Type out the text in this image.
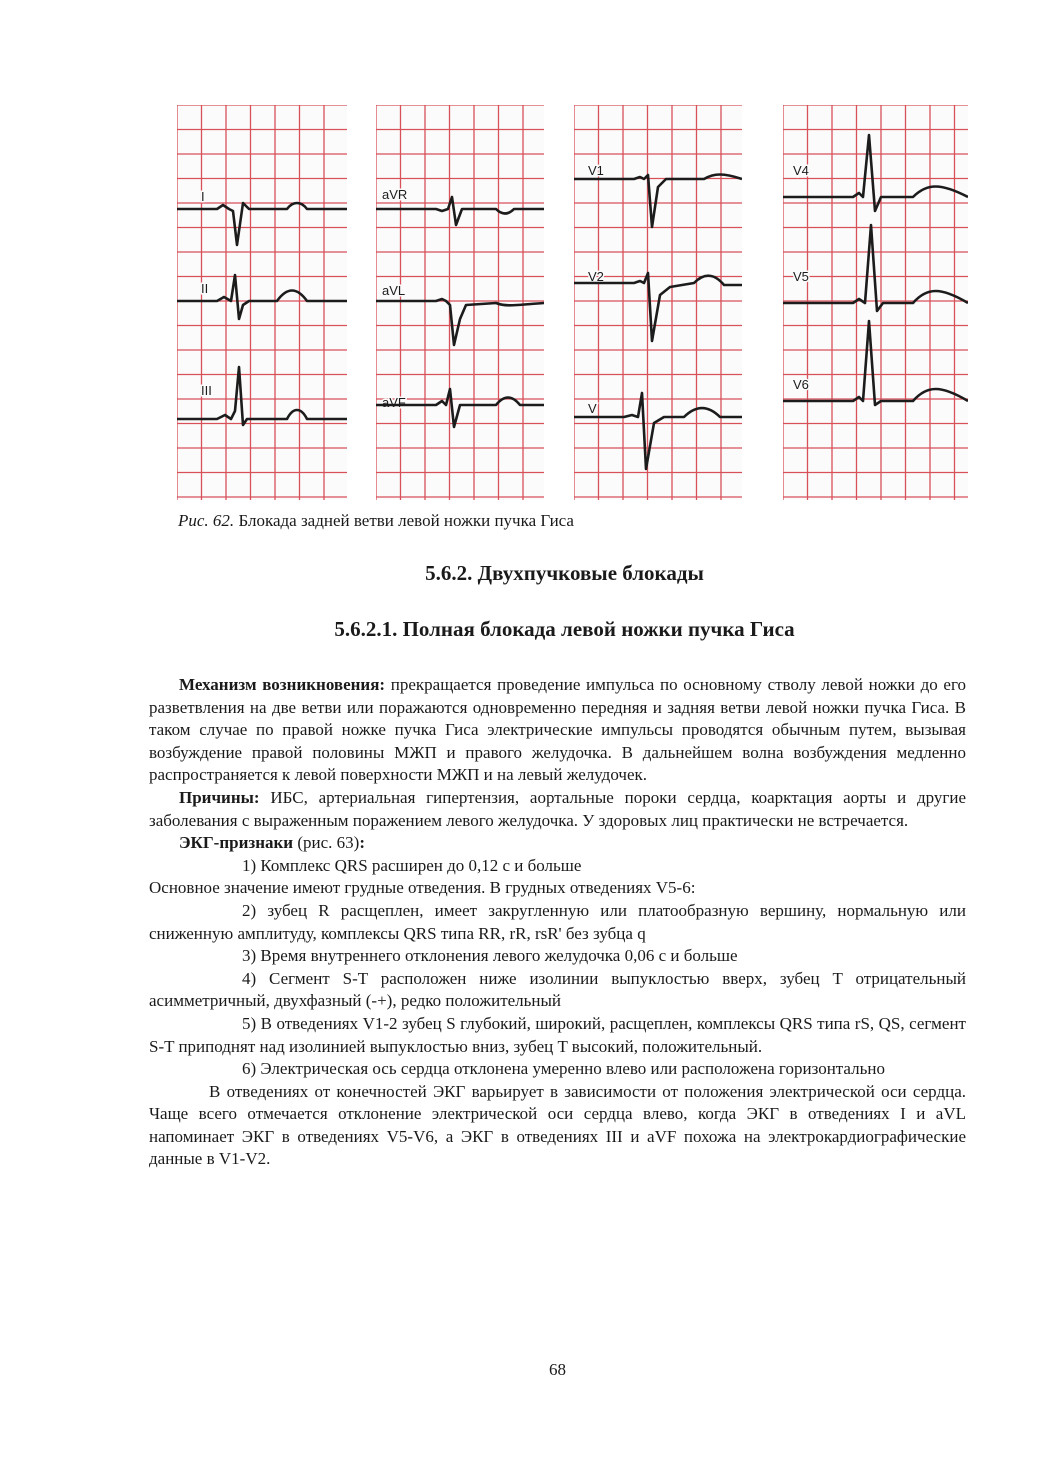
I
II
III
aVR
aVL
aVF
V1
V2
V
V4
V5
V6
Рис. 62. Блокада задней ветви левой ножки пучка Гиса
5.6.2. Двухпучковые блокады
5.6.2.1. Полная блокада левой ножки пучка Гиса

Механизм возникновения: прекращается проведение импульса по основному стволу левой ножки до его разветвления на две ветви или поражаются одновременно передняя и задняя ветви левой ножки пучка Гиса. В таком случае по правой ножке пучка Гиса электрические импульсы проводятся обычным путем, вызывая возбуждение правой половины МЖП и правого желудочка. В дальнейшем волна возбуждения медленно распространяется к левой поверхности МЖП и на левый желудочек.

Причины: ИБС, артериальная гипертензия, аортальные пороки сердца, коарктация аорты и другие заболевания с выраженным поражением левого желудочка. У здоровых лиц практически не встречается.

ЭКГ-признаки (рис. 63):

1) Комплекс QRS расширен до 0,12 с и больше

Основное значение имеют грудные отведения. В грудных отведениях V5-6:

2) зубец R расщеплен, имеет закругленную или платообразную вершину, нормальную или сниженную амплитуду, комплексы QRS типа RR, rR, rsR' без зубца q

3) Время внутреннего отклонения левого желудочка 0,06 с и больше

4) Сегмент S-T расположен ниже изолинии выпуклостью вверх, зубец T отрицательный асимметричный, двухфазный (-+), редко положительный

5) В отведениях V1-2 зубец S глубокий, широкий, расщеплен, комплексы QRS типа rS, QS, сегмент S-T приподнят над изолинией выпуклостью вниз, зубец T высокий, положительный.

6) Электрическая ось сердца отклонена умеренно влево или расположена горизонтально

В отведениях от конечностей ЭКГ варьирует в зависимости от положения электрической оси сердца. Чаще всего отмечается отклонение электрической оси сердца влево, когда ЭКГ в отведениях I и aVL напоминает ЭКГ в отведениях V5-V6, а ЭКГ в отведениях III и aVF похожа на электрокардиографические данные в V1-V2.

68
